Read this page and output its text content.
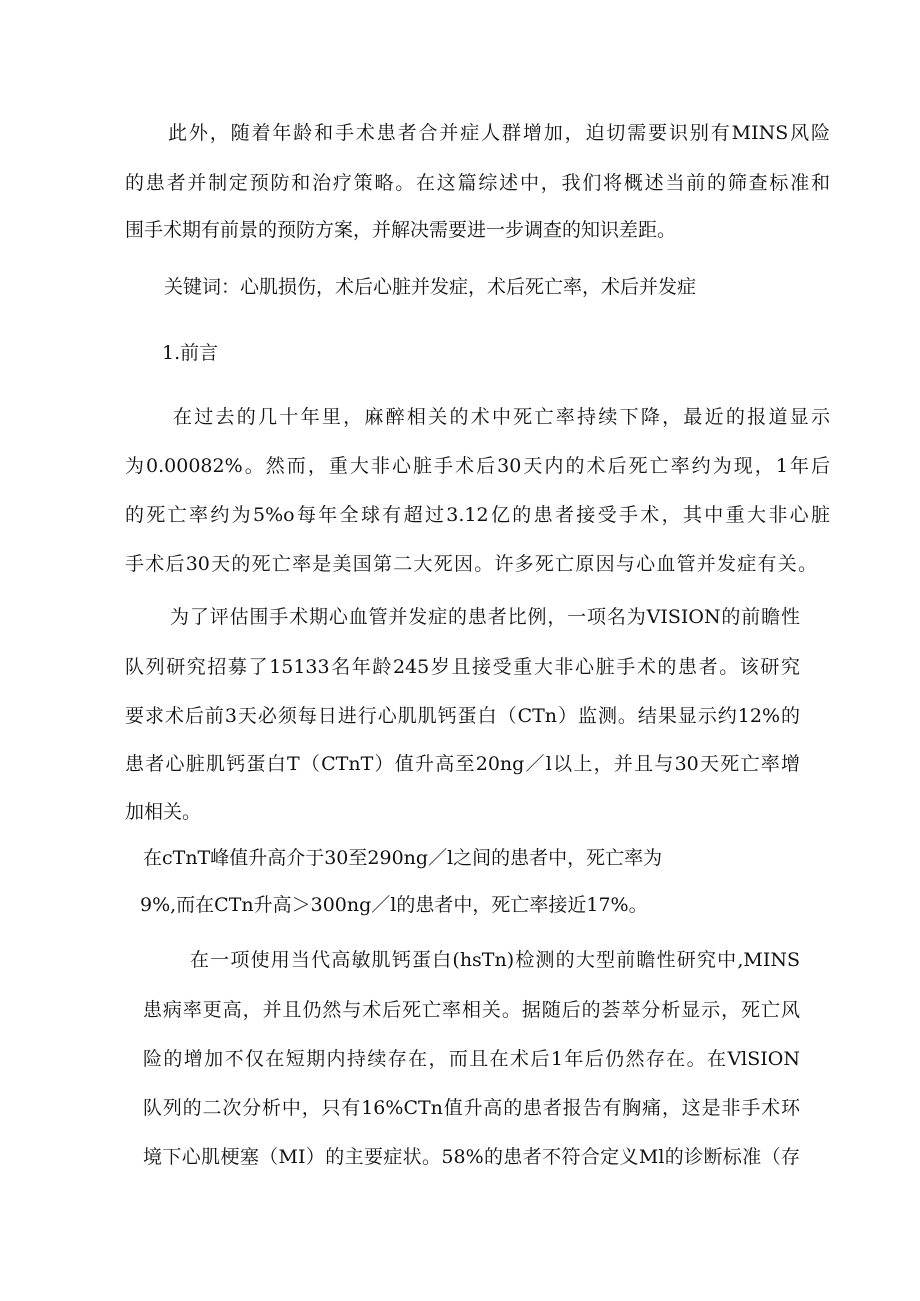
此外，随着年龄和手术患者合并症人群增加，迫切需要识别有MINS风险
的患者并制定预防和治疗策略。在这篇综述中，我们将概述当前的筛查标准和
围手术期有前景的预防方案，并解决需要进一步调查的知识差距。
关键词：心肌损伤，术后心脏并发症，术后死亡率，术后并发症
1.前言
在过去的几十年里，麻醉相关的术中死亡率持续下降，最近的报道显示
为0.00082%。然而，重大非心脏手术后30天内的术后死亡率约为现，1年后
的死亡率约为5%o每年全球有超过3.12亿的患者接受手术，其中重大非心脏
手术后30天的死亡率是美国第二大死因。许多死亡原因与心血管并发症有关。
为了评估围手术期心血管并发症的患者比例，一项名为VISION的前瞻性
队列研究招募了15133名年龄245岁且接受重大非心脏手术的患者。该研究
要求术后前3天必须每日进行心肌肌钙蛋白（CTn）监测。结果显示约12%的
患者心脏肌钙蛋白T（CTnT）值升高至20ng／l以上，并且与30天死亡率增
加相关。
在cTnT峰值升高介于30至290ng／l之间的患者中，死亡率为
9%,而在CTn升高＞300ng／l的患者中，死亡率接近17%。
在一项使用当代高敏肌钙蛋白(hsTn)检测的大型前瞻性研究中,MINS
患病率更高，并且仍然与术后死亡率相关。据随后的荟萃分析显示，死亡风
险的增加不仅在短期内持续存在，而且在术后1年后仍然存在。在VlSION
队列的二次分析中，只有16%CTn值升高的患者报告有胸痛，这是非手术环
境下心肌梗塞（MI）的主要症状。58%的患者不符合定义Ml的诊断标准（存
